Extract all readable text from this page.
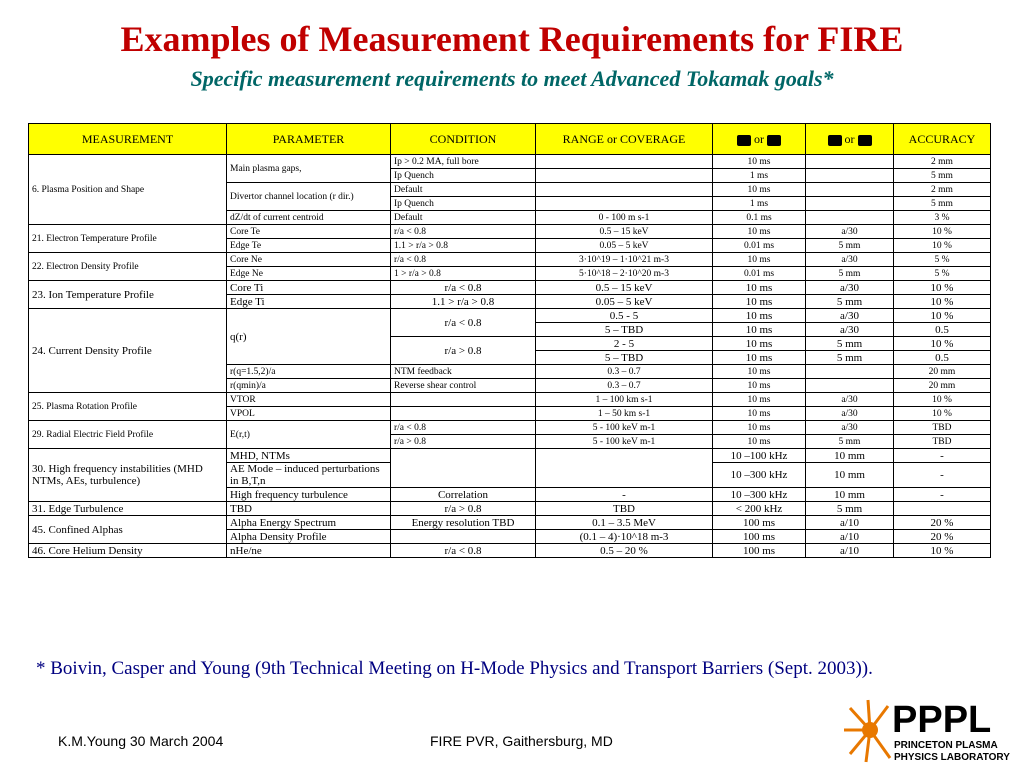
Examples of Measurement Requirements for FIRE
Specific measurement requirements to meet Advanced Tokamak goals*
MEASUREMENT	PARAMETER	CONDITION	RANGE or COVERAGE	or	or	ACCURACY
6. Plasma Position and Shape	Main plasma gaps,	Ip > 0.2 MA, full bore		10 ms		2 mm
		Ip Quench		1 ms		5 mm
	Divertor channel location (r dir.)	Default		10 ms		2 mm
		Ip Quench		1 ms		5 mm
	dZ/dt of current centroid	Default	0 - 100 m s-1	0.1 ms		3 %
21. Electron Temperature Profile	Core Te	r/a < 0.8	0.5 – 15 keV	10 ms	a/30	10 %
	Edge Te	1.1 > r/a > 0.8	0.05 – 5 keV	0.01 ms	5 mm	10 %
22. Electron Density Profile	Core Ne	r/a < 0.8	3·10^19 – 1·10^21 m-3	10 ms	a/30	5 %
	Edge Ne	1 > r/a > 0.8	5·10^18 – 2·10^20 m-3	0.01 ms	5 mm	5 %
23. Ion Temperature Profile	Core Ti	r/a < 0.8	0.5 – 15 keV	10 ms	a/30	10 %
	Edge Ti	1.1 > r/a > 0.8	0.05 – 5 keV	10 ms	5 mm	10 %
24. Current Density Profile	q(r)	r/a < 0.8	0.5 - 5	10 ms	a/30	10 %
			5 – TBD	10 ms	a/30	0.5
		r/a > 0.8	2 - 5	10 ms	5 mm	10 %
			5 – TBD	10 ms	5 mm	0.5
	r(q=1.5,2)/a	NTM feedback	0.3 – 0.7	10 ms		20 mm
	r(qmin)/a	Reverse shear control	0.3 – 0.7	10 ms		20 mm
25. Plasma Rotation Profile	VTOR		1 – 100 km s-1	10 ms	a/30	10 %
	VPOL		1 – 50 km s-1	10 ms	a/30	10 %
29. Radial Electric Field Profile	E(r,t)	r/a < 0.8	5 - 100 keV m-1	10 ms	a/30	TBD
		r/a > 0.8	5 - 100 keV m-1	10 ms	5 mm	TBD
30. High frequency instabilities (MHD NTMs, AEs, turbulence)	MHD, NTMs			10 –100 kHz	10 mm	-
	AE Mode – induced perturbations in B,T,n			10 –300 kHz	10 mm	-
	High frequency turbulence	Correlation	-	10 –300 kHz	10 mm	-
31. Edge Turbulence	TBD	r/a > 0.8	TBD	< 200 kHz	5 mm	
45. Confined Alphas	Alpha Energy Spectrum	Energy resolution TBD	0.1 – 3.5 MeV	100 ms	a/10	20 %
	Alpha Density Profile		(0.1 – 4)·10^18 m-3	100 ms	a/10	20 %
46. Core Helium Density	nHe/ne	r/a < 0.8	0.5 – 20 %	100 ms	a/10	10 %
* Boivin, Casper and Young (9th Technical Meeting on H-Mode Physics and Transport Barriers (Sept. 2003)).
K.M.Young 30 March 2004	FIRE PVR, Gaithersburg, MD	PPPL
PRINCETON PLASMA
PHYSICS LABORATORY
